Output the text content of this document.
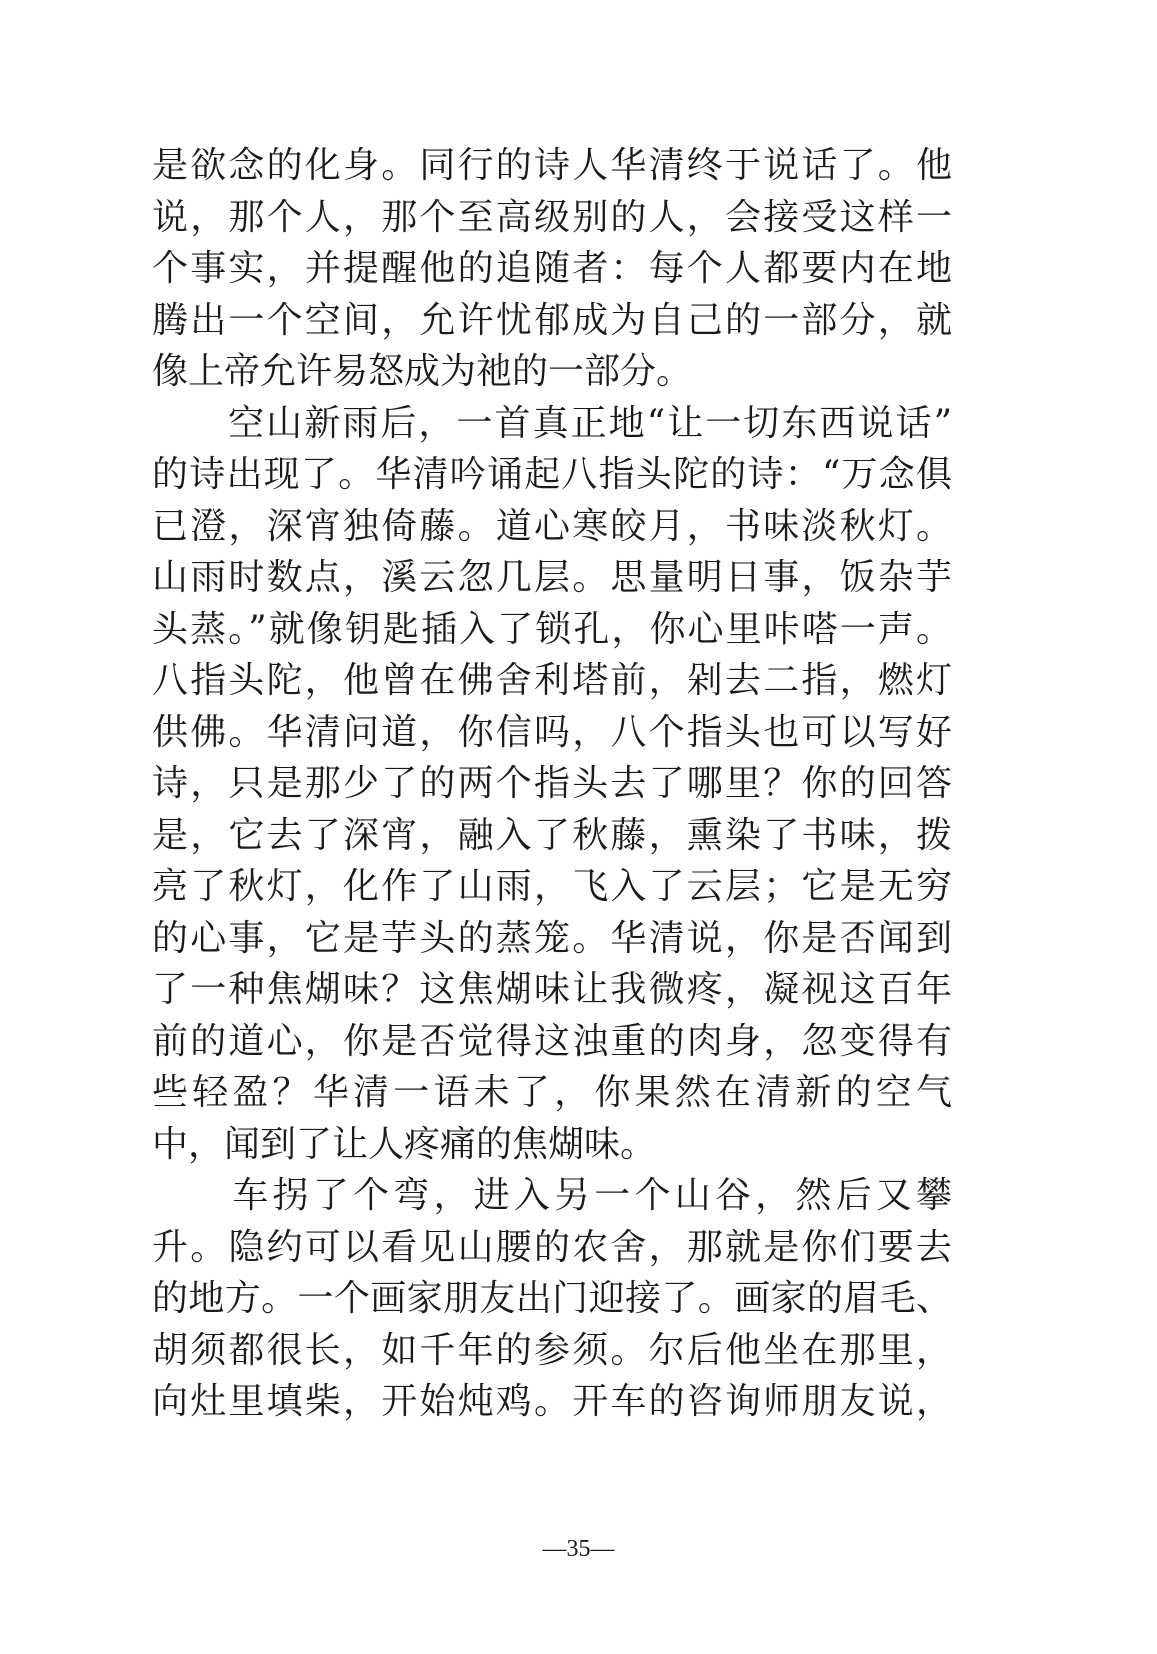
是欲念的化身。同行的诗人华清终于说话了。他
说，那个人，那个至高级别的人，会接受这样一
个事实，并提醒他的追随者：每个人都要内在地
腾出一个空间，允许忧郁成为自己的一部分，就
像上帝允许易怒成为祂的一部分。
　　空山新雨后，一首真正地“让一切东西说话”
的诗出现了。华清吟诵起八指头陀的诗：“万念俱
已澄，深宵独倚藤。道心寒皎月，书味淡秋灯。
山雨时数点，溪云忽几层。思量明日事，饭杂芋
头蒸。”就像钥匙插入了锁孔，你心里咔嗒一声。
八指头陀，他曾在佛舍利塔前，剁去二指，燃灯
供佛。华清问道，你信吗，八个指头也可以写好
诗，只是那少了的两个指头去了哪里？你的回答
是，它去了深宵，融入了秋藤，熏染了书味，拨
亮了秋灯，化作了山雨，飞入了云层；它是无穷
的心事，它是芋头的蒸笼。华清说，你是否闻到
了一种焦煳味？这焦煳味让我微疼，凝视这百年
前的道心，你是否觉得这浊重的肉身，忽变得有
些轻盈？华清一语未了，你果然在清新的空气
中，闻到了让人疼痛的焦煳味。
　　车拐了个弯，进入另一个山谷，然后又攀
升。隐约可以看见山腰的农舍，那就是你们要去
的地方。一个画家朋友出门迎接了。画家的眉毛、
胡须都很长，如千年的参须。尔后他坐在那里，
向灶里填柴，开始炖鸡。开车的咨询师朋友说，
—35—
